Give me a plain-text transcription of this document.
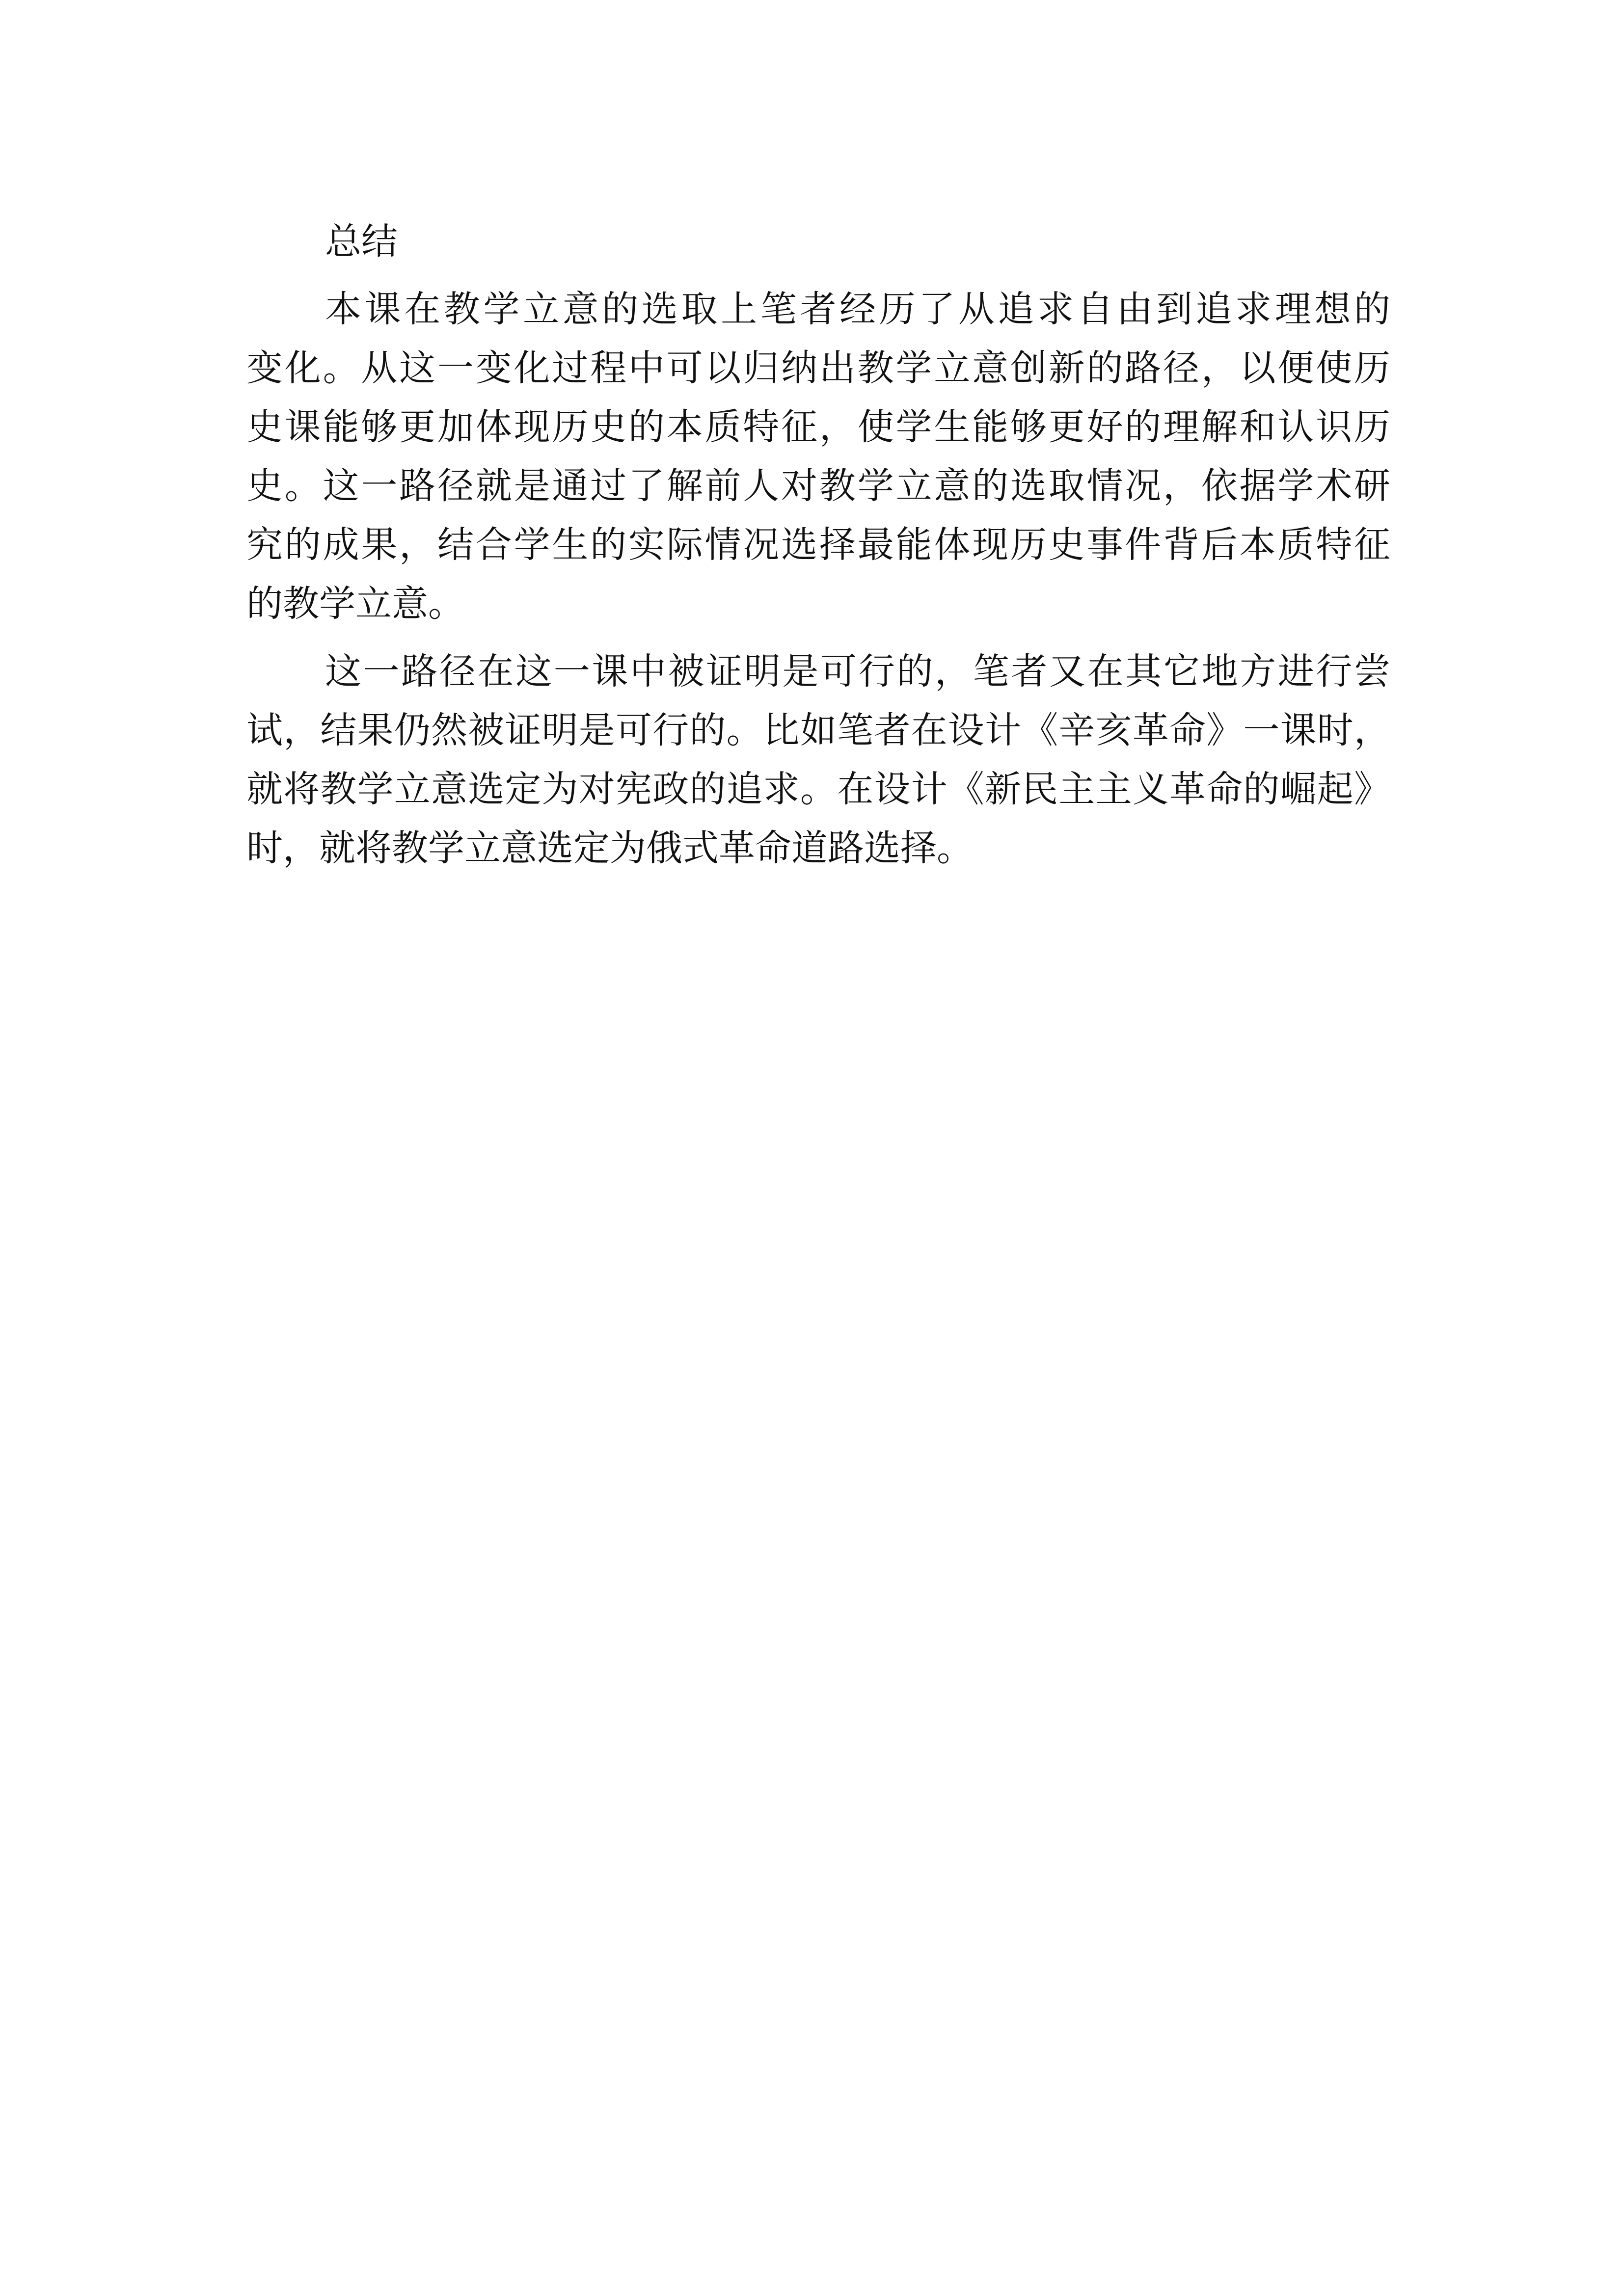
总结
本课在教学立意的选取上笔者经历了从追求自由到追求理想的
变化。从这一变化过程中可以归纳出教学立意创新的路径，以便使历
史课能够更加体现历史的本质特征，使学生能够更好的理解和认识历
史。这一路径就是通过了解前人对教学立意的选取情况，依据学术研
究的成果，结合学生的实际情况选择最能体现历史事件背后本质特征
的教学立意。
这一路径在这一课中被证明是可行的，笔者又在其它地方进行尝
试，结果仍然被证明是可行的。比如笔者在设计《辛亥革命》一课时，
就将教学立意选定为对宪政的追求。在设计《新民主主义革命的崛起》
时，就将教学立意选定为俄式革命道路选择。
